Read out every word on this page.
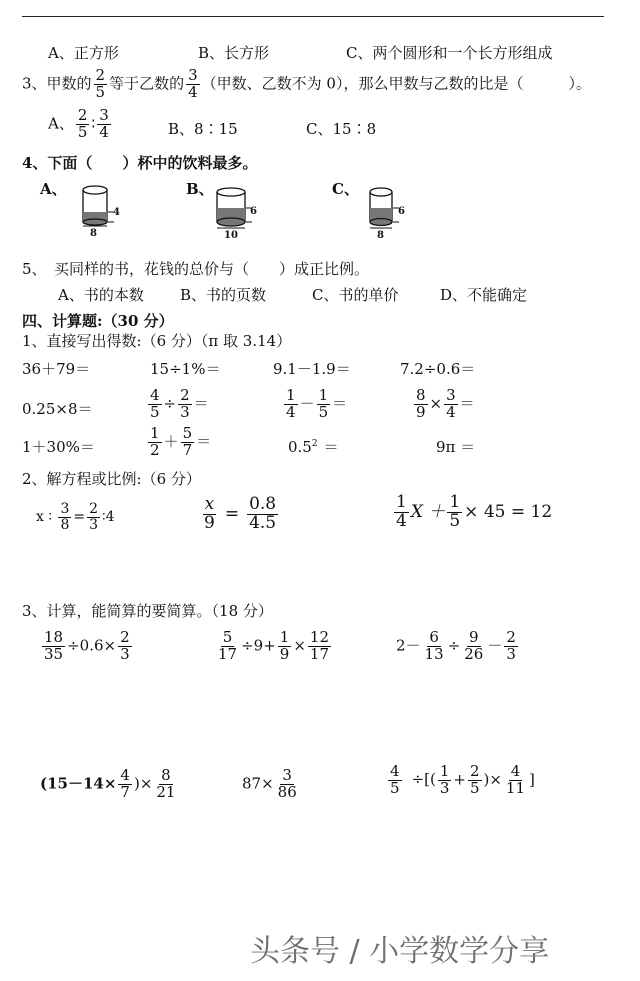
A、正方形	B、长方形	C、两个圆形和一个长方形组成
3、甲数的 $\frac{2}{5}$ 等于乙数的 $\frac{3}{4}$ （甲数、乙数不为 0），那么甲数与乙数的比是（　　　）。
A、 $\frac{2}{5}$ ∶ $\frac{3}{4}$	B、8∶15	C、15∶8
4、下面（　　）杯中的饮料最多。
A、	B、	C、
4
8
6
10
6
8
5、　买同样的书，花钱的总价与（　　）成正比例。
A、书的本数 B、书的页数	C、书的单价	D、不能确定
四、计算题:（30 分）
1、直接写出得数:（6 分）（π 取 3.14）
36＋79＝	15÷1%＝	9.1－1.9＝	7.2÷0.6＝
0.25×8＝	$\frac{4}{5} \div \frac{2}{3}$ ＝	$\frac{1}{4} - \frac{1}{5}$ ＝	$\frac{8}{9} \times \frac{3}{4}$ ＝
1＋30%＝	$\frac{1}{2} + \frac{5}{7}$ ＝	$0.5^2$ ＝	9π ＝
2、解方程或比例:（6 分）
x ∶ $\frac{3}{8} = \frac{2}{3}$ ∶4	$\frac{x}{9} = \frac{0.8}{4.5}$	$\frac{1}{4}$ $X + \frac{1}{5} \times 45 = 12$
3、计算，能简算的要简算。（18 分）
$\frac{18}{35} \div 0.6\times \frac{2}{3}$	$\frac{5}{17} \div 9+ \frac{1}{9} \times \frac{12}{17}$	$2- \frac{6}{13} \div \frac{9}{26} - \frac{2}{3}$
($15-14\times \frac{4}{7}$ )× $\frac{8}{21}$	$87\times \frac{3}{86}$	$\frac{4}{5}$ ÷[( $\frac{1}{3} + \frac{2}{5}$ )× $\frac{4}{11}$ ]
头条号 / 小学数学分享
